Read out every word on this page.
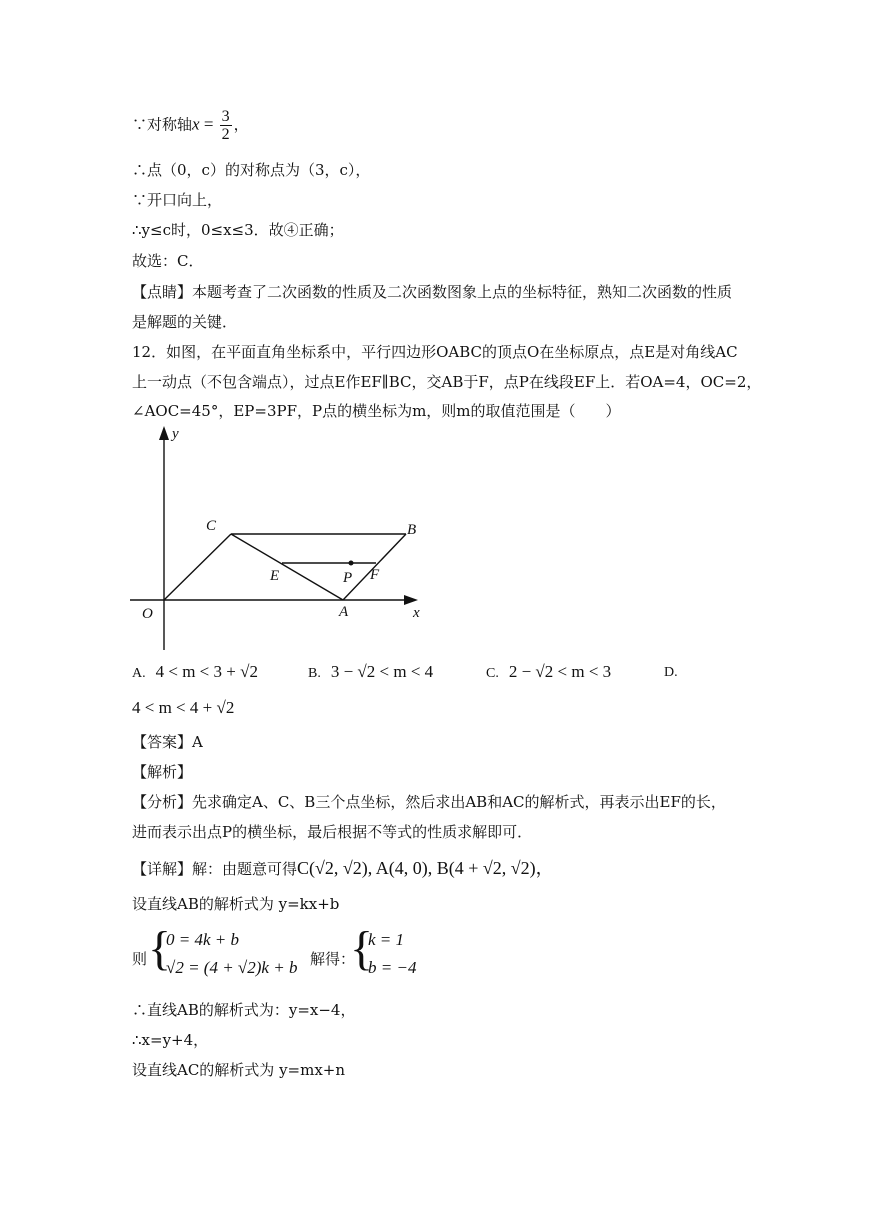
∵对称轴$x = \frac{3}{2}$ ，
∴点（0，c）的对称点为（3，c），
∵开口向上，
∴y≤c时，0≤x≤3．故④正确；
故选：C．
【点睛】本题考查了二次函数的性质及二次函数图象上点的坐标特征，熟知二次函数的性质
是解题的关键．
12．如图，在平面直角坐标系中，平行四边形OABC的顶点O在坐标原点，点E是对角线AC
上一动点（不包含端点），过点E作EF∥BC，交AB于F，点P在线段EF上．若OA=4，OC=2，
∠AOC=45°，EP=3PF，P点的横坐标为m，则m的取值范围是（　　）
y
x
O	A
B
C
E	F
P
A. 4 < m < 3 + √2	B. 3 − √2 < m < 4	C. 2 − √2 < m < 3	D.
4 < m < 4 + √2
【答案】A
【解析】
【分析】先求确定A、C、B三个点坐标，然后求出AB和AC的解析式，再表示出EF的长，
进而表示出点P的横坐标，最后根据不等式的性质求解即可．
【详解】解：由题意可得C(√2, √2), A(4, 0), B(4 + √2, √2)，
设直线AB的解析式为 y=kx+b
则 {
0 = 4k + b
√2 = (4 + √2)k + b 解得：
{
k = 1
b = −4
∴直线AB的解析式为：y=x−4，
∴x=y+4，
设直线AC的解析式为 y=mx+n
